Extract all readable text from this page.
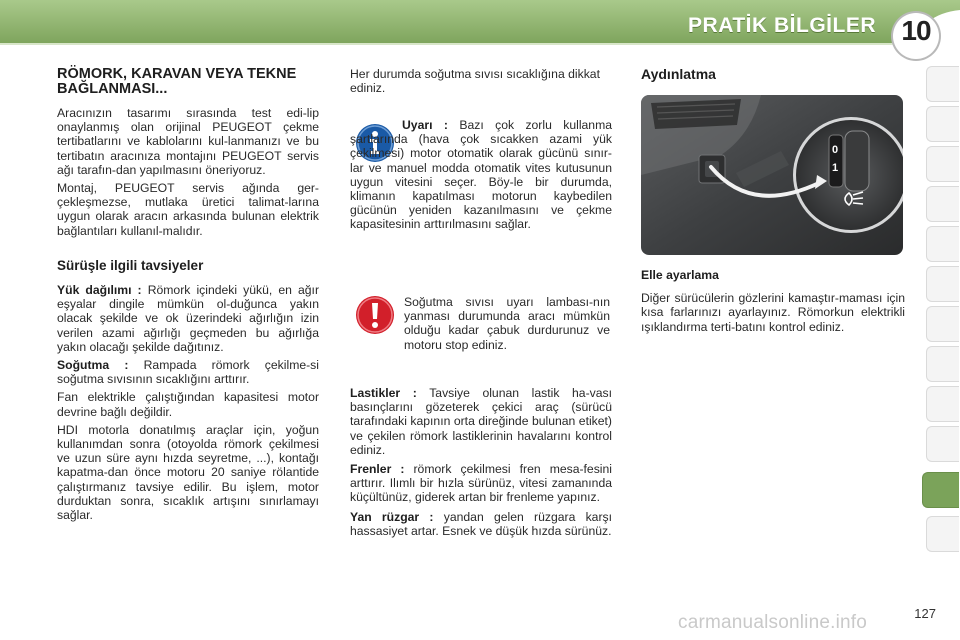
PRATİK BİLGİLER 10
RÖMORK, KARAVAN VEYA TEKNE BAĞLANMASI...

Aracınızın tasarımı sırasında test edi-lip onaylanmış olan orijinal PEUGEOT çekme tertibatlarını ve kablolarını kul-lanmanızı ve bu tertibatın aracınıza montajını PEUGEOT servis ağı tarafın-dan yapılmasını öneriyoruz.

Montaj, PEUGEOT servis ağında ger-çekleşmezse, mutlaka üretici talimat-larına uygun olarak aracın arkasında bulunan elektrik bağlantıları kullanıl-malıdır.

Sürüşle ilgili tavsiyeler

Yük dağılımı : Römork içindeki yükü, en ağır eşyalar dingile mümkün ol-duğunca yakın olacak şekilde ve ok üzerindeki ağırlığın izin verilen azami ağırlığı geçmeden bu ağırlığa yakın olacağı şekilde dağıtınız.

Soğutma : Rampada römork çekilme-si soğutma sıvısının sıcaklığını arttırır.

Fan elektrikle çalıştığından kapasitesi motor devrine bağlı değildir.

HDI motorla donatılmış araçlar için, yoğun kullanımdan sonra (otoyolda römork çekilmesi ve uzun süre aynı hızda seyretme, ...), kontağı kapatma-dan önce motoru 20 saniye rölantide çalıştırmanız tavsiye edilir. Bu işlem, motor durduktan sonra, sıcaklık artışını sınırlamayı sağlar.

Her durumda soğutma sıvısı sıcaklığına dikkat ediniz.

Uyarı : Bazı çok zorlu kullanma şartlarında (hava çok sıcakken azami yük çekilmesi) motor otomatik olarak gücünü sınır-lar ve manuel modda otomatik vites kutusunun uygun vitesini seçer. Böy-le bir durumda, klimanın kapatılması motorun kaybedilen gücünün yeniden kazanılmasını ve çekme kapasitesinin arttırılmasını sağlar.

Soğutma sıvısı uyarı lambası-nın yanması durumunda aracı mümkün olduğu kadar çabuk durdurunuz ve motoru stop ediniz.

Lastikler : Tavsiye olunan lastik ha-vası basınçlarını gözeterek çekici araç (sürücü tarafındaki kapının orta direğinde bulunan etiket) ve çekilen römork lastiklerinin havalarını kontrol ediniz.

Frenler : römork çekilmesi fren mesa-fesini arttırır. Ilımlı bir hızla sürünüz, vitesi zamanında küçültünüz, giderek artan bir frenleme yapınız.

Yan rüzgar : yandan gelen rüzgara karşı hassasiyet artar. Esnek ve düşük hızda sürünüz.

Aydınlatma
0
1
Elle ayarlama

Diğer sürücülerin gözlerini kamaştır-maması için kısa farlarınızı ayarlayınız. Römorkun elektrikli ışıklandırma terti-batını kontrol ediniz.

carmanualsonline.info	127
